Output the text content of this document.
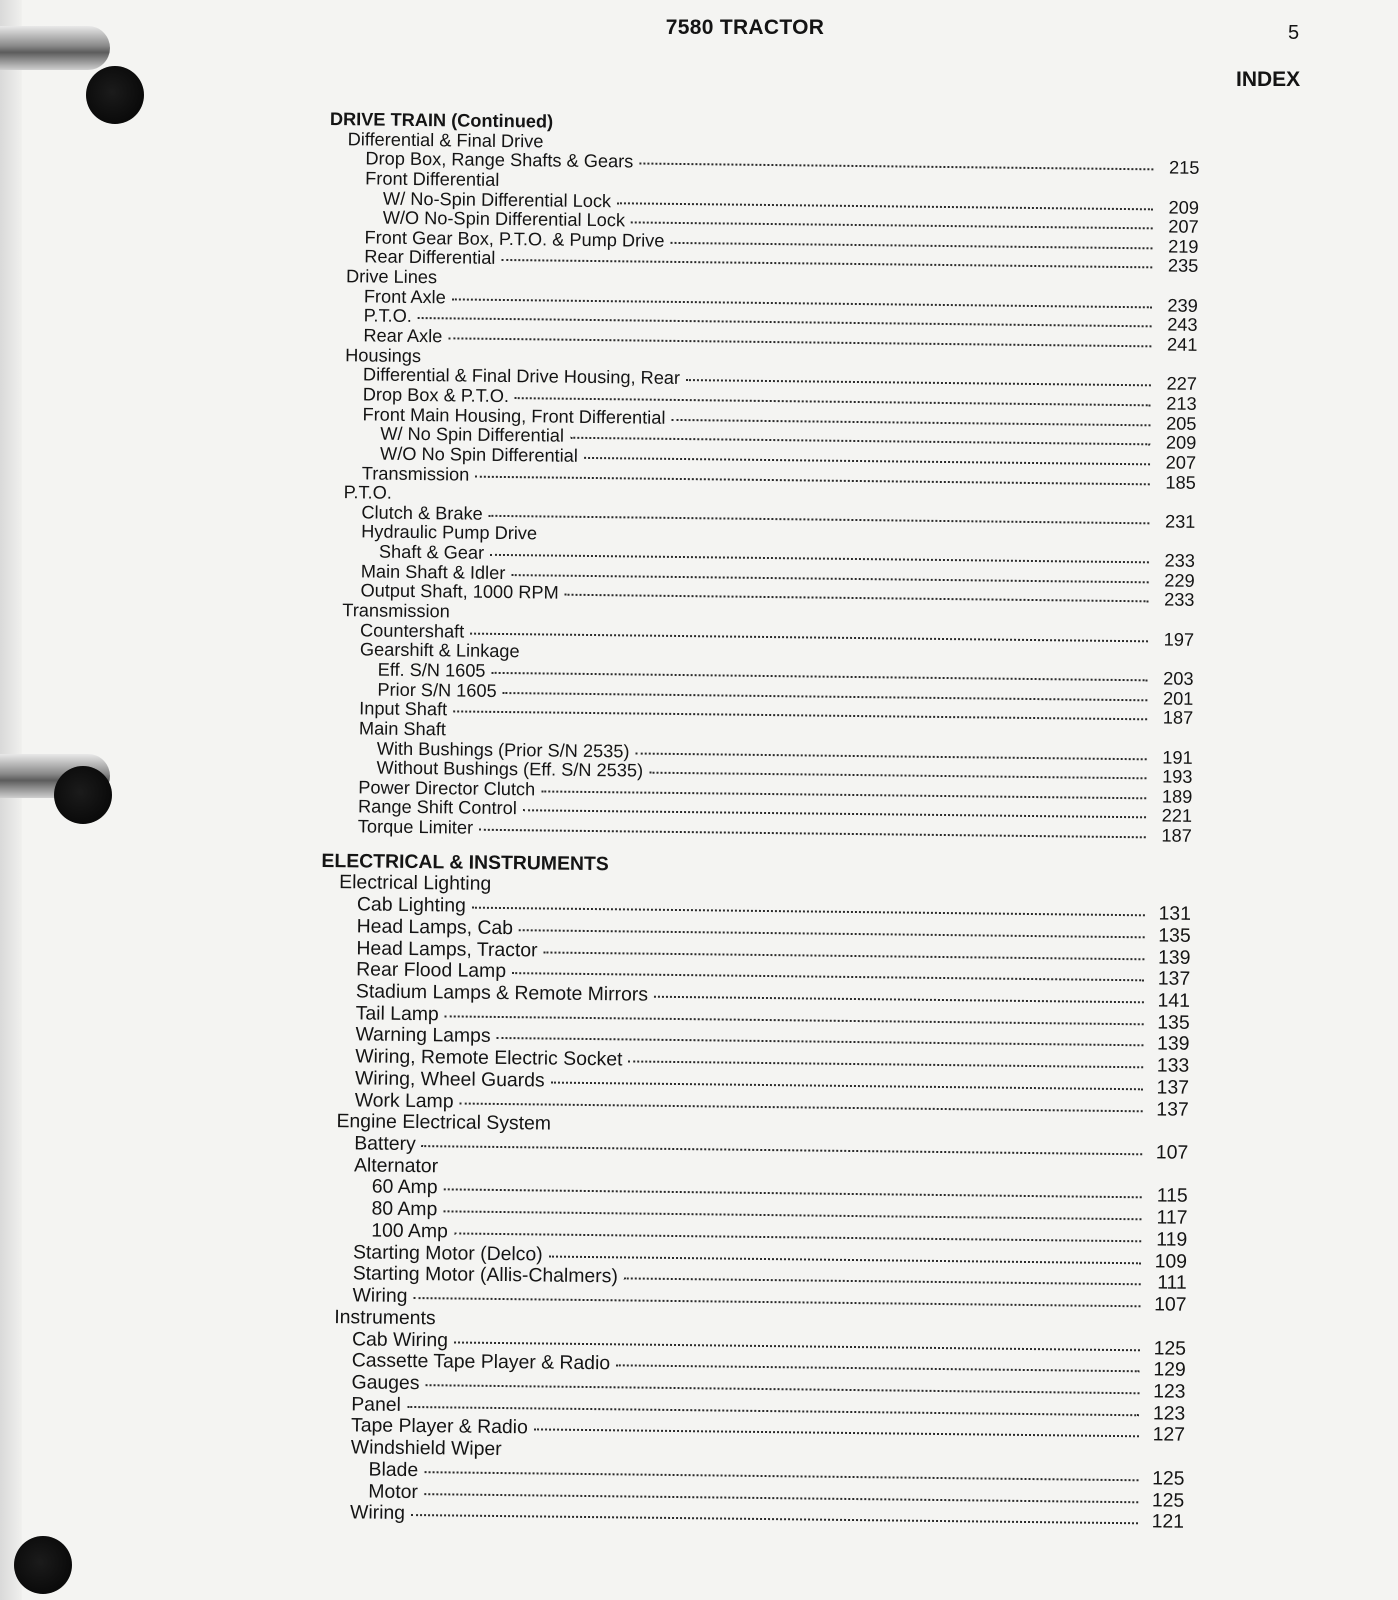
7580 TRACTOR	5
INDEX
DRIVE TRAIN (Continued)
Differential & Final Drive
Drop Box, Range Shafts & Gears	215
Front Differential
W/ No-Spin Differential Lock	209
W/O No-Spin Differential Lock	207
Front Gear Box, P.T.O. & Pump Drive	219
Rear Differential	235
Drive Lines
Front Axle	239
P.T.O.	243
Rear Axle	241
Housings
Differential & Final Drive Housing, Rear	227
Drop Box & P.T.O.	213
Front Main Housing, Front Differential	205
W/ No Spin Differential	209
W/O No Spin Differential	207
Transmission	185
P.T.O.
Clutch & Brake	231
Hydraulic Pump Drive
Shaft & Gear	233
Main Shaft & Idler	229
Output Shaft, 1000 RPM	233
Transmission
Countershaft	197
Gearshift & Linkage
Eff. S/N 1605	203
Prior S/N 1605	201
Input Shaft	187
Main Shaft
With Bushings (Prior S/N 2535)	191
Without Bushings (Eff. S/N 2535)	193
Power Director Clutch	189
Range Shift Control	221
Torque Limiter	187
ELECTRICAL & INSTRUMENTS
Electrical Lighting
Cab Lighting	131
Head Lamps, Cab	135
Head Lamps, Tractor	139
Rear Flood Lamp	137
Stadium Lamps & Remote Mirrors	141
Tail Lamp	135
Warning Lamps	139
Wiring, Remote Electric Socket	133
Wiring, Wheel Guards	137
Work Lamp	137
Engine Electrical System
Battery	107
Alternator
60 Amp	115
80 Amp	117
100 Amp	119
Starting Motor (Delco)	109
Starting Motor (Allis-Chalmers)	111
Wiring	107
Instruments
Cab Wiring	125
Cassette Tape Player & Radio	129
Gauges	123
Panel	123
Tape Player & Radio	127
Windshield Wiper
Blade	125
Motor	125
Wiring	121
